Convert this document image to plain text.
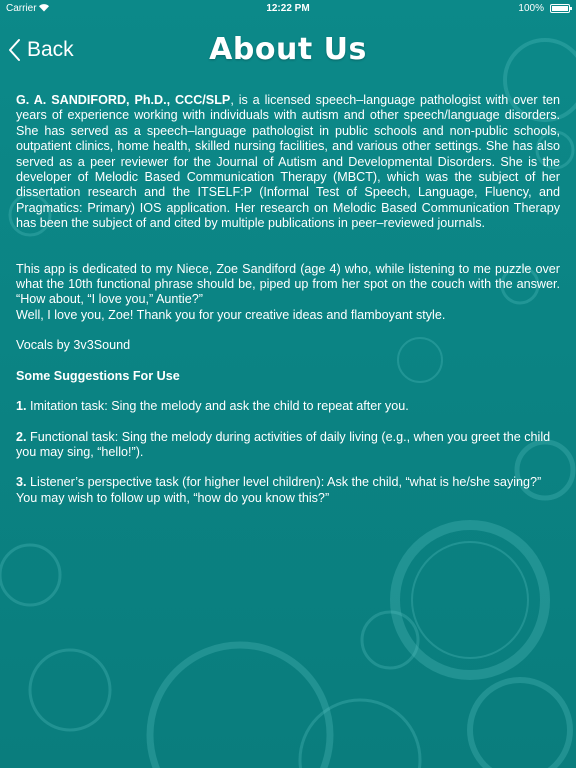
Carrier	12:22 PM	100%
Back	About Us

G. A. SANDIFORD, Ph.D., CCC/SLP, is a licensed speech–language pathologist with over ten years of experience working with individuals with autism and other speech/language disorders. She has served as a speech–language pathologist in public schools and non-public schools, outpatient clinics, home health, skilled nursing facilities, and various other settings. She has also served as a peer reviewer for the Journal of Autism and Developmental Disorders. She is the developer of Melodic Based Communication Therapy (MBCT), which was the subject of her dissertation research and the ITSELF:P (Informal Test of Speech, Language, Fluency, and Pragmatics: Primary) IOS application. Her research on Melodic Based Communication Therapy has been the subject of and cited by multiple publications in peer–reviewed journals.

This app is dedicated to my Niece, Zoe Sandiford (age 4) who, while listening to me puzzle over what the 10th functional phrase should be, piped up from her spot on the couch with the answer. “How about, “I love you,” Auntie?”

Well, I love you, Zoe! Thank you for your creative ideas and flamboyant style.

Vocals by 3v3Sound

Some Suggestions For Use

1. Imitation task: Sing the melody and ask the child to repeat after you.

2. Functional task: Sing the melody during activities of daily living (e.g., when you greet the child you may sing, “hello!”).

3. Listener’s perspective task (for higher level children): Ask the child, “what is he/she saying?” You may wish to follow up with, “how do you know this?”
